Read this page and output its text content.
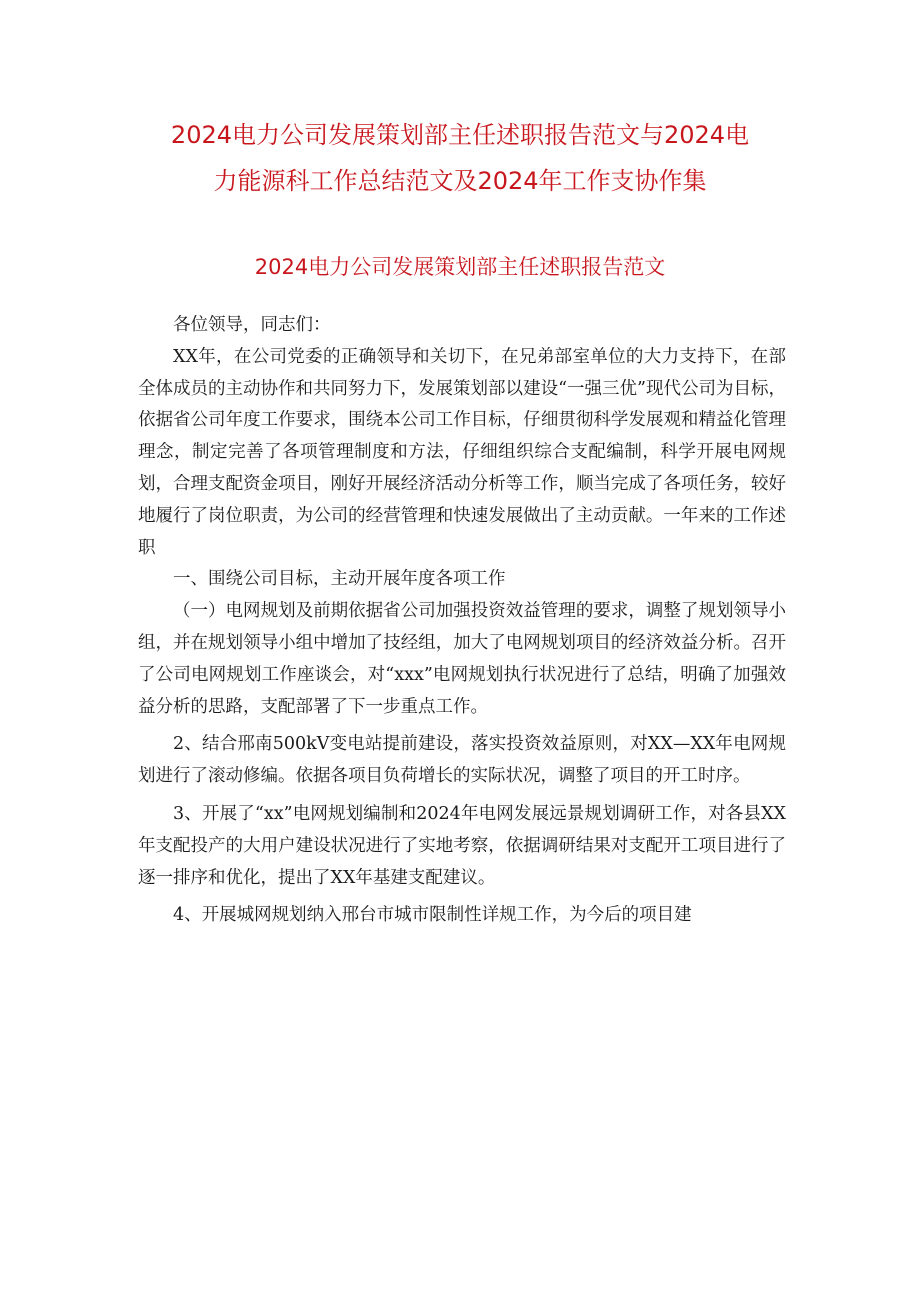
2024电力公司发展策划部主任述职报告范文与2024电
力能源科工作总结范文及2024年工作支协作集
2024电力公司发展策划部主任述职报告范文

各位领导，同志们：

XX年，在公司党委的正确领导和关切下，在兄弟部室单位的大力支持下，在部全体成员的主动协作和共同努力下，发展策划部以建设“一强三优”现代公司为目标，依据省公司年度工作要求，围绕本公司工作目标，仔细贯彻科学发展观和精益化管理理念，制定完善了各项管理制度和方法，仔细组织综合支配编制，科学开展电网规划，合理支配资金项目，刚好开展经济活动分析等工作，顺当完成了各项任务，较好地履行了岗位职责，为公司的经营管理和快速发展做出了主动贡献。一年来的工作述职

一、围绕公司目标，主动开展年度各项工作

（一）电网规划及前期依据省公司加强投资效益管理的要求，调整了规划领导小组，并在规划领导小组中增加了技经组，加大了电网规划项目的经济效益分析。召开了公司电网规划工作座谈会，对“xxx”电网规划执行状况进行了总结，明确了加强效益分析的思路，支配部署了下一步重点工作。

2、结合邢南500kV变电站提前建设，落实投资效益原则，对XX—XX年电网规划进行了滚动修编。依据各项目负荷增长的实际状况，调整了项目的开工时序。

3、开展了“xx”电网规划编制和2024年电网发展远景规划调研工作，对各县XX年支配投产的大用户建设状况进行了实地考察，依据调研结果对支配开工项目进行了逐一排序和优化，提出了XX年基建支配建议。

4、开展城网规划纳入邢台市城市限制性详规工作，为今后的项目建
